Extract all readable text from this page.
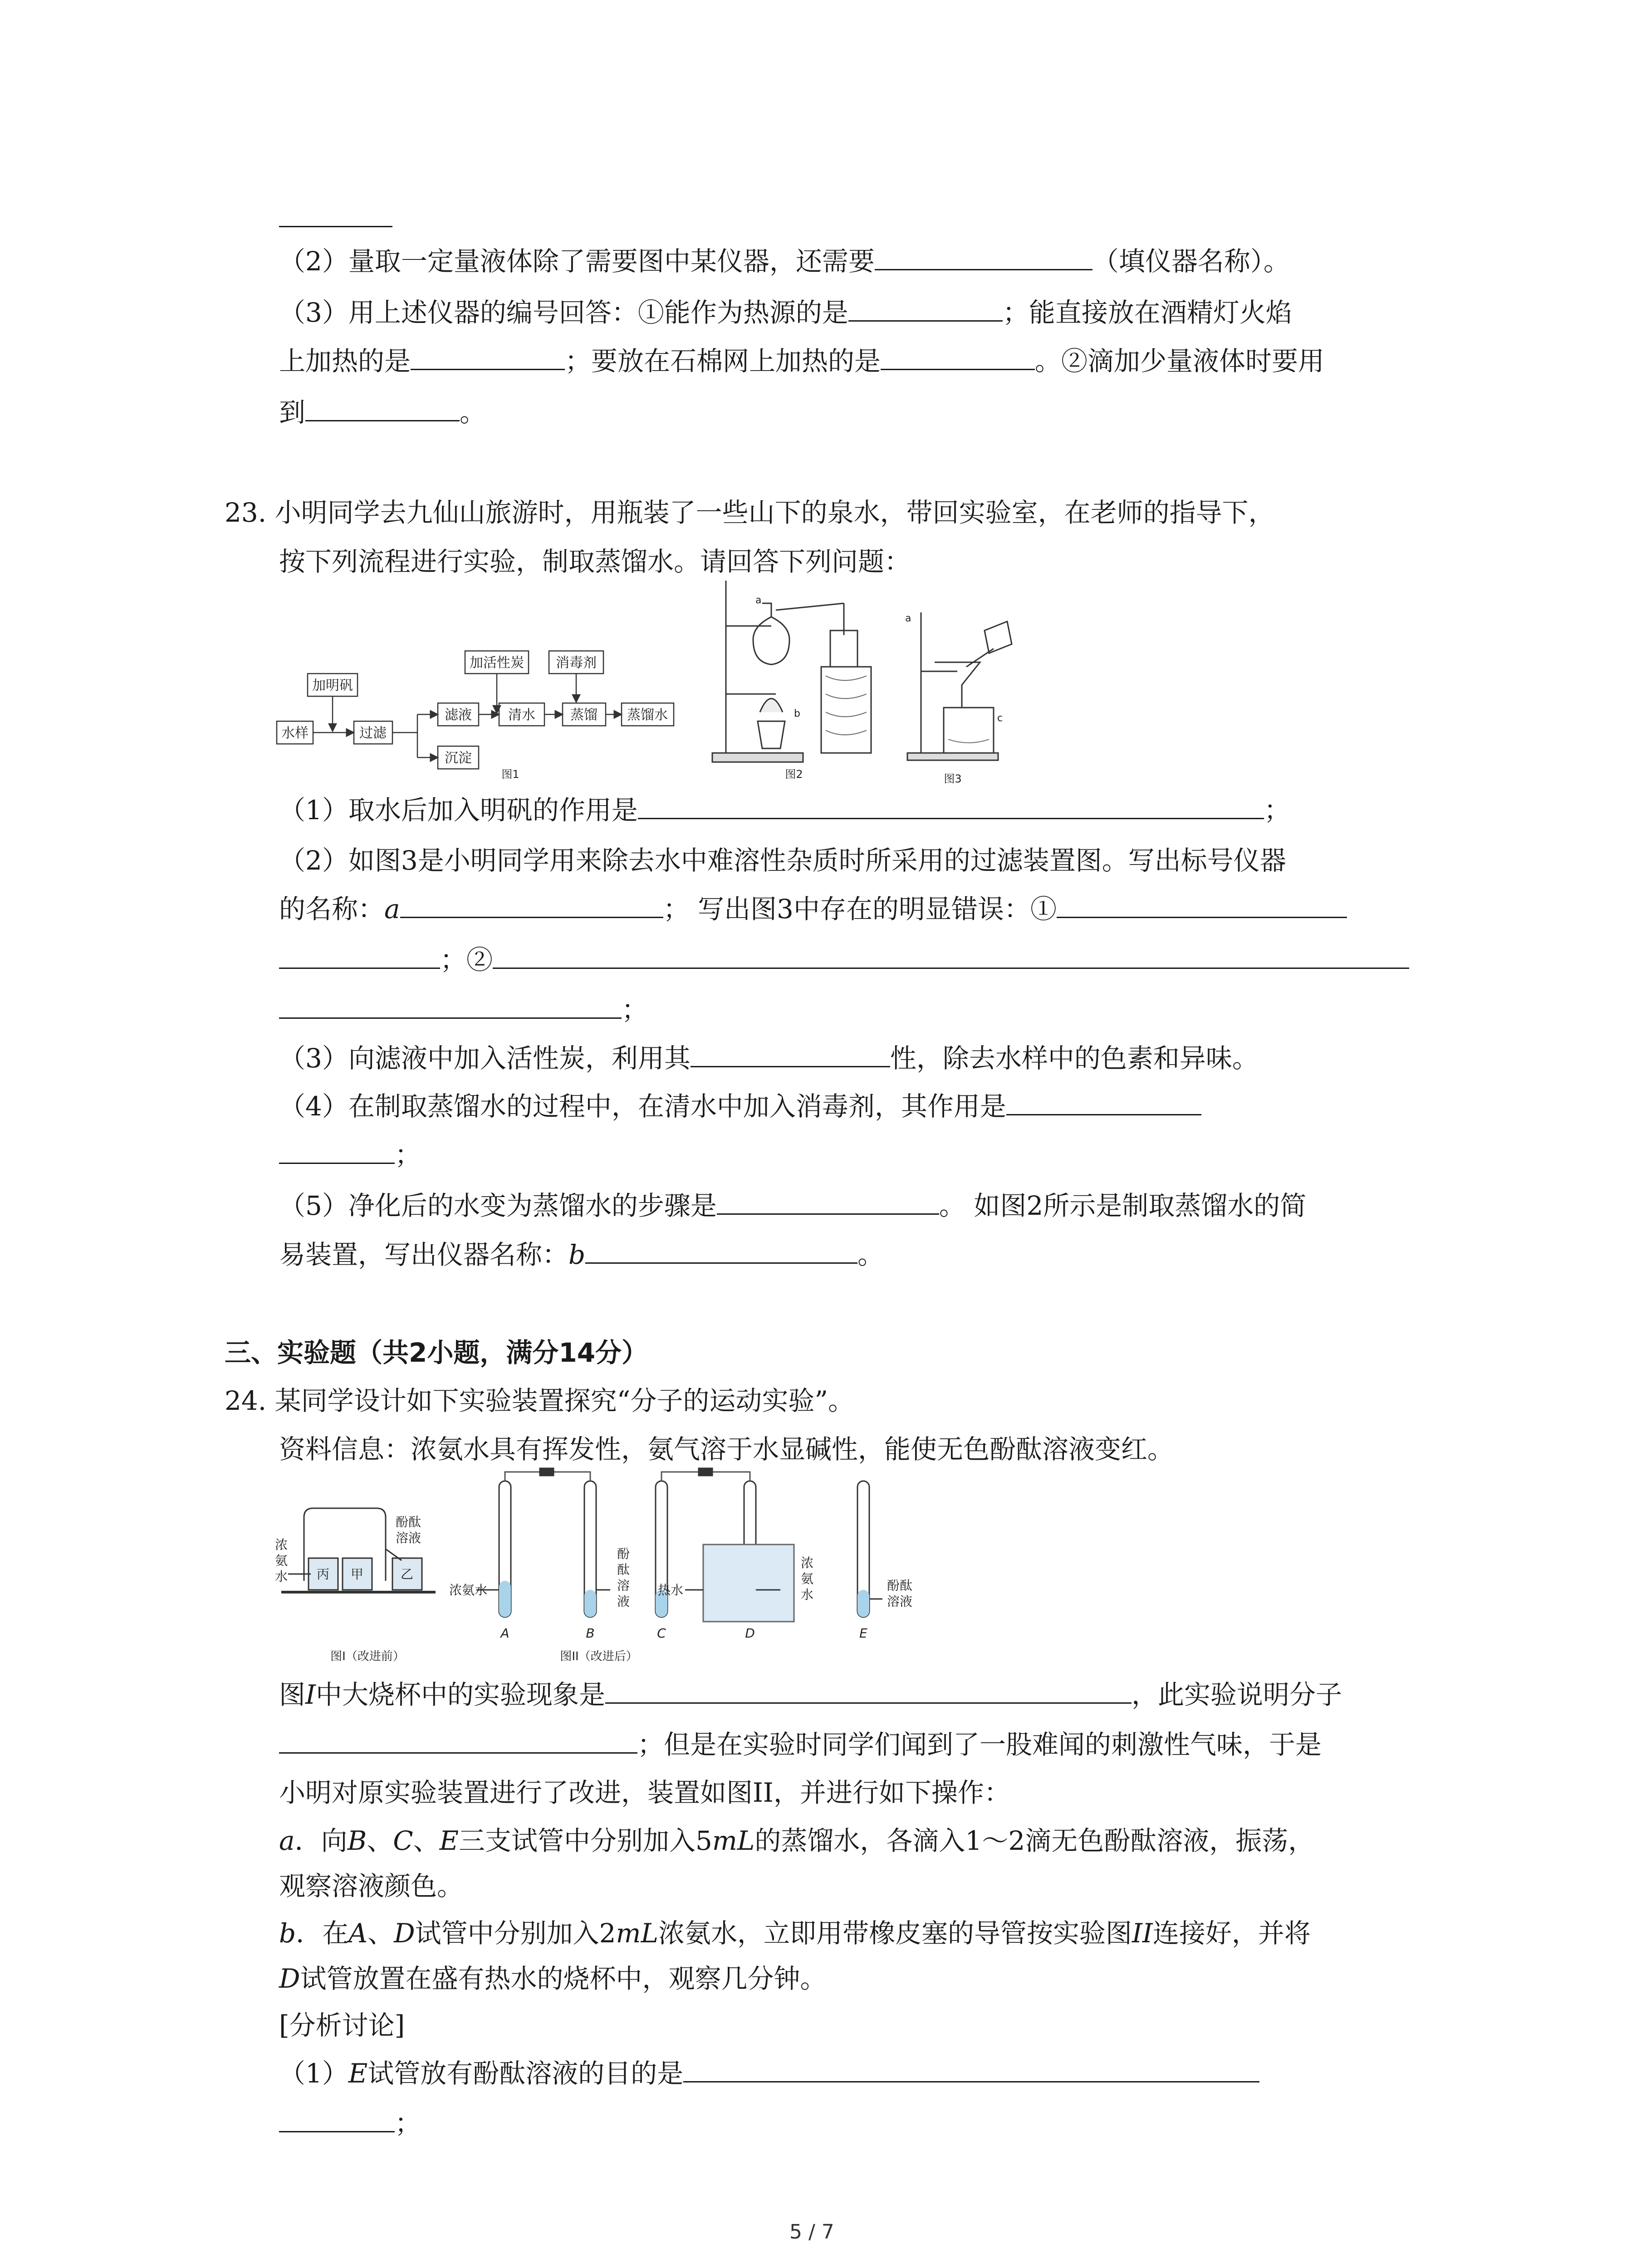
（2）量取一定量液体除了需要图中某仪器，还需要	（填仪器名称）。
（3）用上述仪器的编号回答：①能作为热源的是	；能直接放在酒精灯火焰
上加热的是	；要放在石棉网上加热的是	。②滴加少量液体时要用
到	。
23. 小明同学去九仙山旅游时，用瓶装了一些山下的泉水，带回实验室，在老师的指导下，
按下列流程进行实验，制取蒸馏水。请回答下列问题：
水样
加明矾
过滤
滤液
沉淀
加活性炭
清水
消毒剂
蒸馏 蒸馏水
图1
a
b
图2
a
c
图3
（1）取水后加入明矾的作用是	；
（2）如图3是小明同学用来除去水中难溶性杂质时所采用的过滤装置图。写出标号仪器
的名称：a	； 写出图3中存在的明显错误：①
；②
；
（3）向滤液中加入活性炭，利用其	性，除去水样中的色素和异味。
（4）在制取蒸馏水的过程中，在清水中加入消毒剂，其作用是
；
（5）净化后的水变为蒸馏水的步骤是	。 如图2所示是制取蒸馏水的简
易装置，写出仪器名称：b	。
三、实验题（共2小题，满分14分）
24. 某同学设计如下实验装置探究“分子的运动实验”。
资料信息：浓氨水具有挥发性，氨气溶于水显碱性，能使无色酚酞溶液变红。
浓
氨
水 丙 甲	乙
酚酞
溶液
图I（改进前）
浓氨水
酚
酞
溶
液
热水
浓
氨
水
酚酞
溶液
A	B	C	D	E
图II（改进后）
图I中大烧杯中的实验现象是	，此实验说明分子
；但是在实验时同学们闻到了一股难闻的刺激性气味，于是
小明对原实验装置进行了改进，装置如图II，并进行如下操作：
a．向B、C、E三支试管中分别加入5mL的蒸馏水，各滴入1～2滴无色酚酞溶液，振荡，
观察溶液颜色。
b．在A、D试管中分别加入2mL浓氨水，立即用带橡皮塞的导管按实验图II连接好，并将
D试管放置在盛有热水的烧杯中，观察几分钟。
[分析讨论]
（1）E试管放有酚酞溶液的目的是
；
5 / 7
